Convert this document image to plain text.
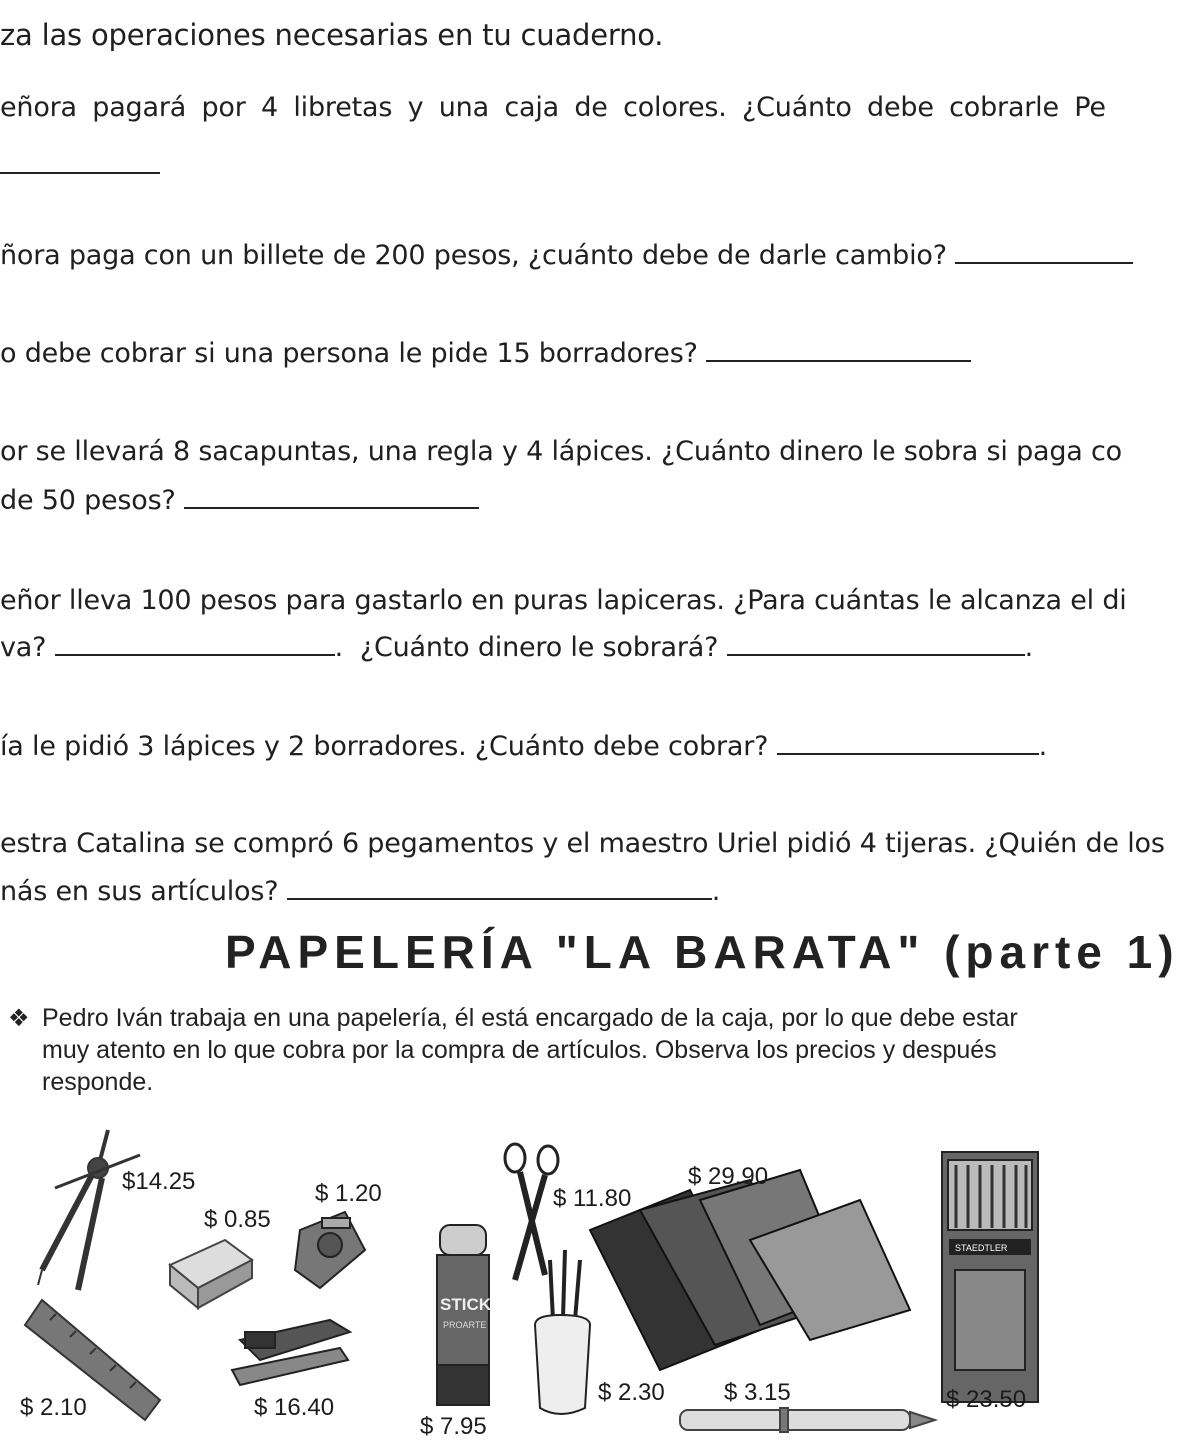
za las operaciones necesarias en tu cuaderno.
eñora pagará por 4 libretas y una caja de colores. ¿Cuánto debe cobrarle Pe
ñora paga con un billete de 200 pesos, ¿cuánto debe de darle cambio?
o debe cobrar si una persona le pide 15 borradores?
or se llevará 8 sacapuntas, una regla y 4 lápices. ¿Cuánto dinero le sobra si paga co
de 50 pesos?
eñor lleva 100 pesos para gastarlo en puras lapiceras. ¿Para cuántas le alcanza el di
va?	. ¿Cuánto dinero le sobrará?	.
ía le pidió 3 lápices y 2 borradores. ¿Cuánto debe cobrar?	.
estra Catalina se compró 6 pegamentos y el maestro Uriel pidió 4 tijeras. ¿Quién de los
nás en sus artículos?	.
PAPELERÍA "LA BARATA" (parte 1)
❖ Pedro Iván trabaja en una papelería, él está encargado de la caja, por lo que debe estar muy atento en lo que cobra por la compra de artículos. Observa los precios y después responde.
STICK
PROARTE
STAEDTLER
$14.25
$ 0.85
$ 1.20	$ 11.80
$ 29.90
$ 2.10	$ 16.40
$ 7.95
$ 2.30 $ 3.15	$ 23.50
